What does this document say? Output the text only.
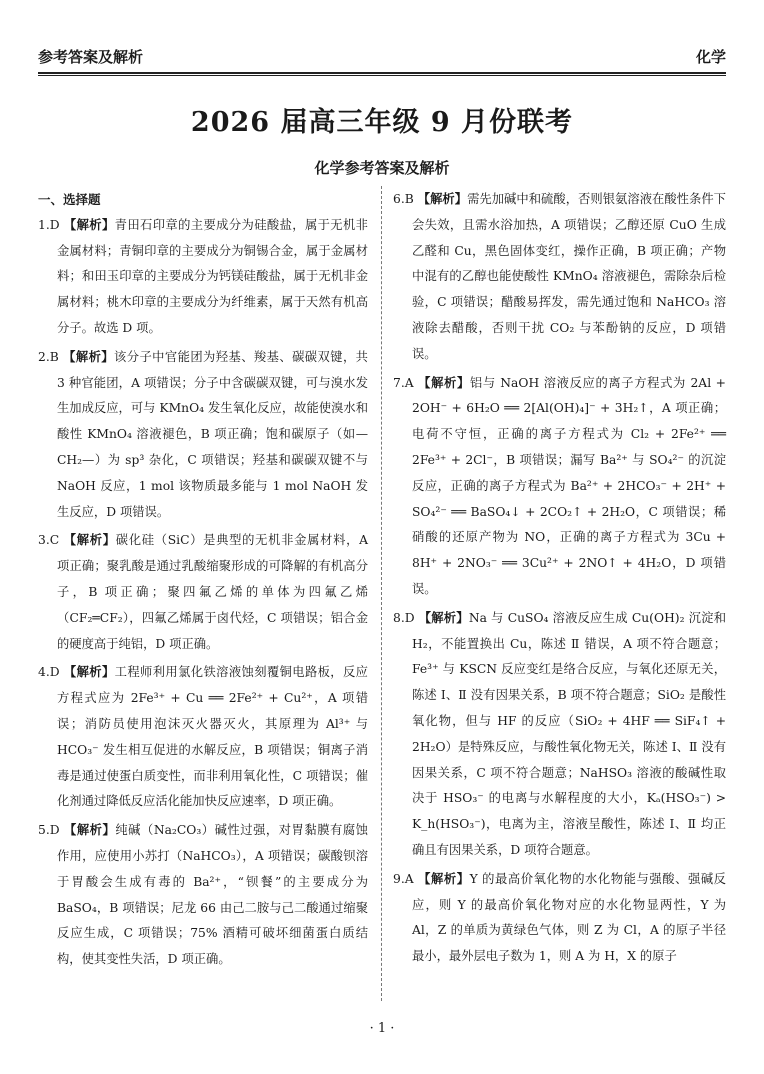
参考答案及解析	化学
2026 届高三年级 9 月份联考
化学参考答案及解析
一、选择题
1.D 【解析】青田石印章的主要成分为硅酸盐，属于无机非金属材料；青铜印章的主要成分为铜锡合金，属于金属材料；和田玉印章的主要成分为钙镁硅酸盐，属于无机非金属材料；桃木印章的主要成分为纤维素，属于天然有机高分子。故选 D 项。
2.B 【解析】该分子中官能团为羟基、羧基、碳碳双键，共 3 种官能团，A 项错误；分子中含碳碳双键，可与溴水发生加成反应，可与 KMnO₄ 发生氧化反应，故能使溴水和酸性 KMnO₄ 溶液褪色，B 项正确；饱和碳原子（如—CH₂—）为 sp³ 杂化，C 项错误；羟基和碳碳双键不与 NaOH 反应，1 mol 该物质最多能与 1 mol NaOH 发生反应，D 项错误。
3.C 【解析】碳化硅（SiC）是典型的无机非金属材料，A 项正确；聚乳酸是通过乳酸缩聚形成的可降解的有机高分子，B 项正确；聚四氟乙烯的单体为四氟乙烯（CF₂═CF₂），四氟乙烯属于卤代烃，C 项错误；铝合金的硬度高于纯铝，D 项正确。
4.D 【解析】工程师利用氯化铁溶液蚀刻覆铜电路板，反应方程式应为 2Fe³⁺ + Cu ══ 2Fe²⁺ + Cu²⁺，A 项错误；消防员使用泡沫灭火器灭火，其原理为 Al³⁺ 与 HCO₃⁻ 发生相互促进的水解反应，B 项错误；铜离子消毒是通过使蛋白质变性，而非利用氧化性，C 项错误；催化剂通过降低反应活化能加快反应速率，D 项正确。
5.D 【解析】纯碱（Na₂CO₃）碱性过强，对胃黏膜有腐蚀作用，应使用小苏打（NaHCO₃），A 项错误；碳酸钡溶于胃酸会生成有毒的 Ba²⁺，“钡餐”的主要成分为 BaSO₄，B 项错误；尼龙 66 由己二胺与己二酸通过缩聚反应生成，C 项错误；75% 酒精可破坏细菌蛋白质结构，使其变性失活，D 项正确。
6.B 【解析】需先加碱中和硫酸，否则银氨溶液在酸性条件下会失效，且需水浴加热，A 项错误；乙醇还原 CuO 生成乙醛和 Cu，黑色固体变红，操作正确，B 项正确；产物中混有的乙醇也能使酸性 KMnO₄ 溶液褪色，需除杂后检验，C 项错误；醋酸易挥发，需先通过饱和 NaHCO₃ 溶液除去醋酸，否则干扰 CO₂ 与苯酚钠的反应，D 项错误。
7.A 【解析】铝与 NaOH 溶液反应的离子方程式为 2Al + 2OH⁻ + 6H₂O ══ 2[Al(OH)₄]⁻ + 3H₂↑，A 项正确；电荷不守恒，正确的离子方程式为 Cl₂ + 2Fe²⁺ ══ 2Fe³⁺ + 2Cl⁻，B 项错误；漏写 Ba²⁺ 与 SO₄²⁻ 的沉淀反应，正确的离子方程式为 Ba²⁺ + 2HCO₃⁻ + 2H⁺ + SO₄²⁻ ══ BaSO₄↓ + 2CO₂↑ + 2H₂O，C 项错误；稀硝酸的还原产物为 NO，正确的离子方程式为 3Cu + 8H⁺ + 2NO₃⁻ ══ 3Cu²⁺ + 2NO↑ + 4H₂O，D 项错误。
8.D 【解析】Na 与 CuSO₄ 溶液反应生成 Cu(OH)₂ 沉淀和 H₂，不能置换出 Cu，陈述 Ⅱ 错误，A 项不符合题意；Fe³⁺ 与 KSCN 反应变红是络合反应，与氧化还原无关，陈述 Ⅰ、Ⅱ 没有因果关系，B 项不符合题意；SiO₂ 是酸性氧化物，但与 HF 的反应（SiO₂ + 4HF ══ SiF₄↑ + 2H₂O）是特殊反应，与酸性氧化物无关，陈述 Ⅰ、Ⅱ 没有因果关系，C 项不符合题意；NaHSO₃ 溶液的酸碱性取决于 HSO₃⁻ 的电离与水解程度的大小，Kₐ(HSO₃⁻) > K_h(HSO₃⁻)，电离为主，溶液呈酸性，陈述 Ⅰ、Ⅱ 均正确且有因果关系，D 项符合题意。
9.A 【解析】Y 的最高价氧化物的水化物能与强酸、强碱反应，则 Y 的最高价氧化物对应的水化物显两性，Y 为 Al，Z 的单质为黄绿色气体，则 Z 为 Cl，A 的原子半径最小，最外层电子数为 1，则 A 为 H，X 的原子
· 1 ·
